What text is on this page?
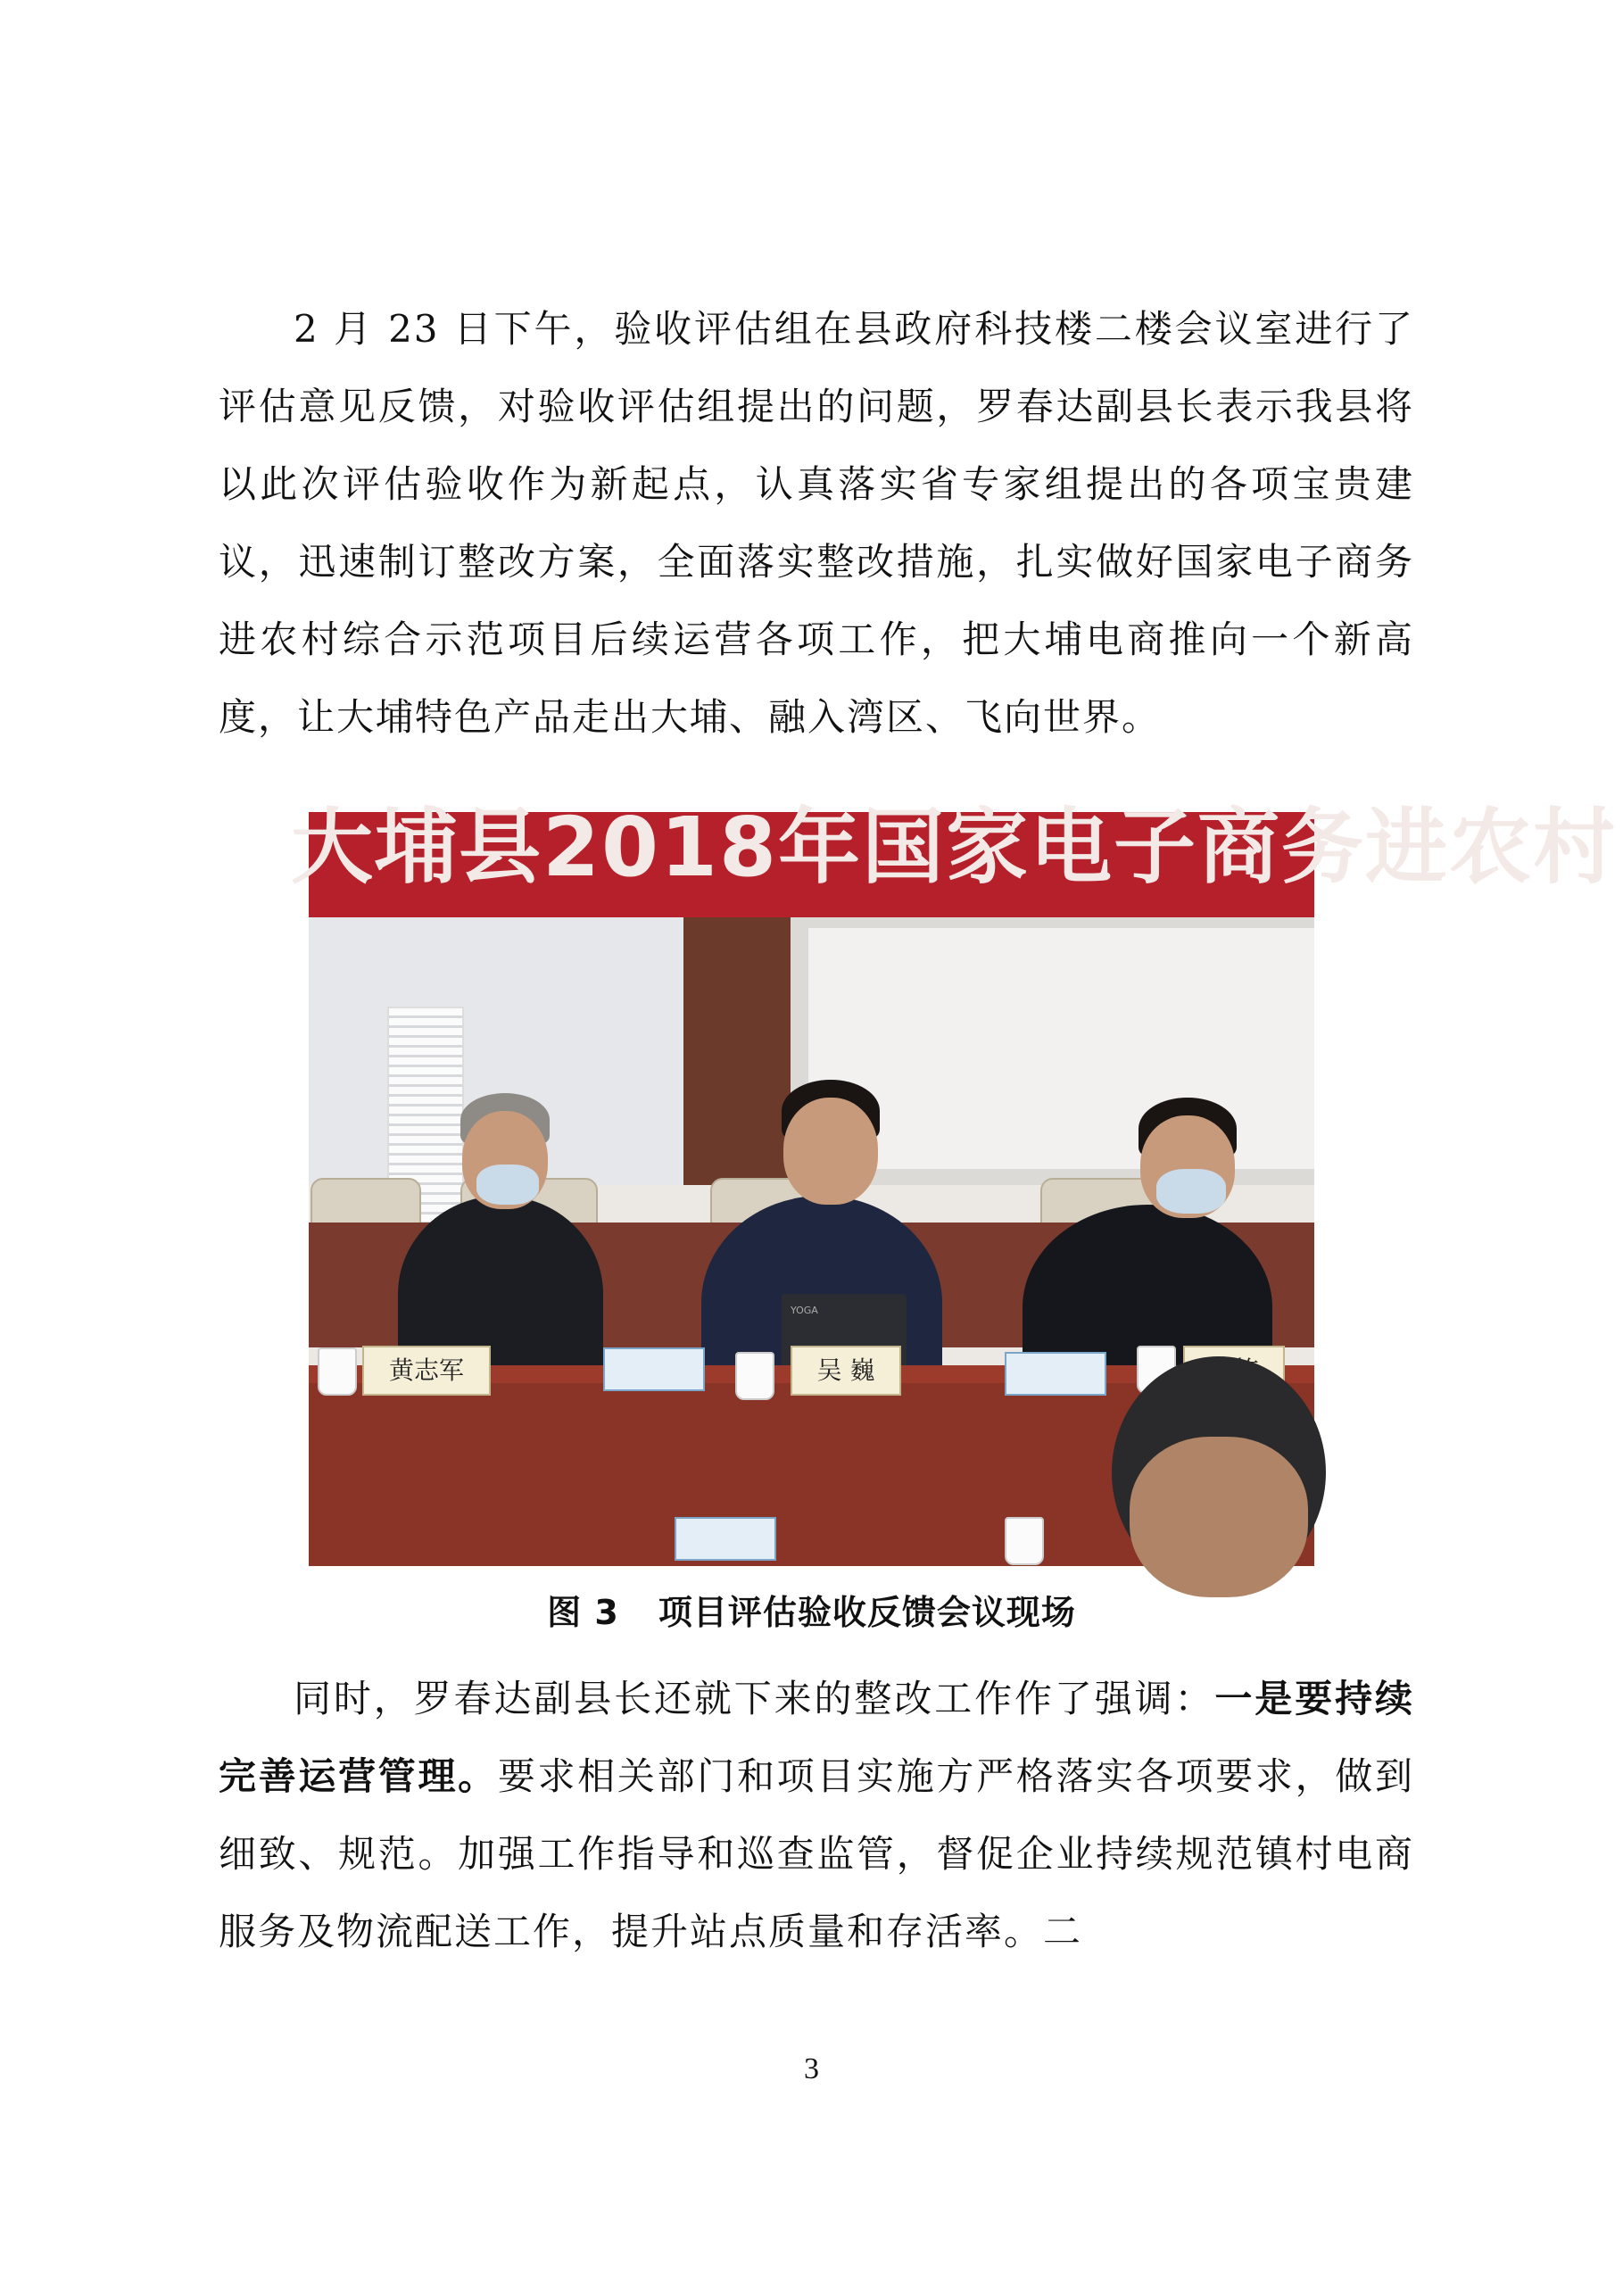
2 月 23 日下午，验收评估组在县政府科技楼二楼会议室进行了评估意见反馈，对验收评估组提出的问题，罗春达副县长表示我县将以此次评估验收作为新起点，认真落实省专家组提出的各项宝贵建议，迅速制订整改方案，全面落实整改措施，扎实做好国家电子商务进农村综合示范项目后续运营各项工作，把大埔电商推向一个新高度，让大埔特色产品走出大埔、融入湾区、飞向世界。
大埔县2018年国家电子商务进农村
YOGA
黄志军	吴 巍
图 3 项目评估验收反馈会议现场
同时，罗春达副县长还就下来的整改工作作了强调：一是要持续完善运营管理。要求相关部门和项目实施方严格落实各项要求，做到细致、规范。加强工作指导和巡查监管，督促企业持续规范镇村电商服务及物流配送工作，提升站点质量和存活率。二
3
